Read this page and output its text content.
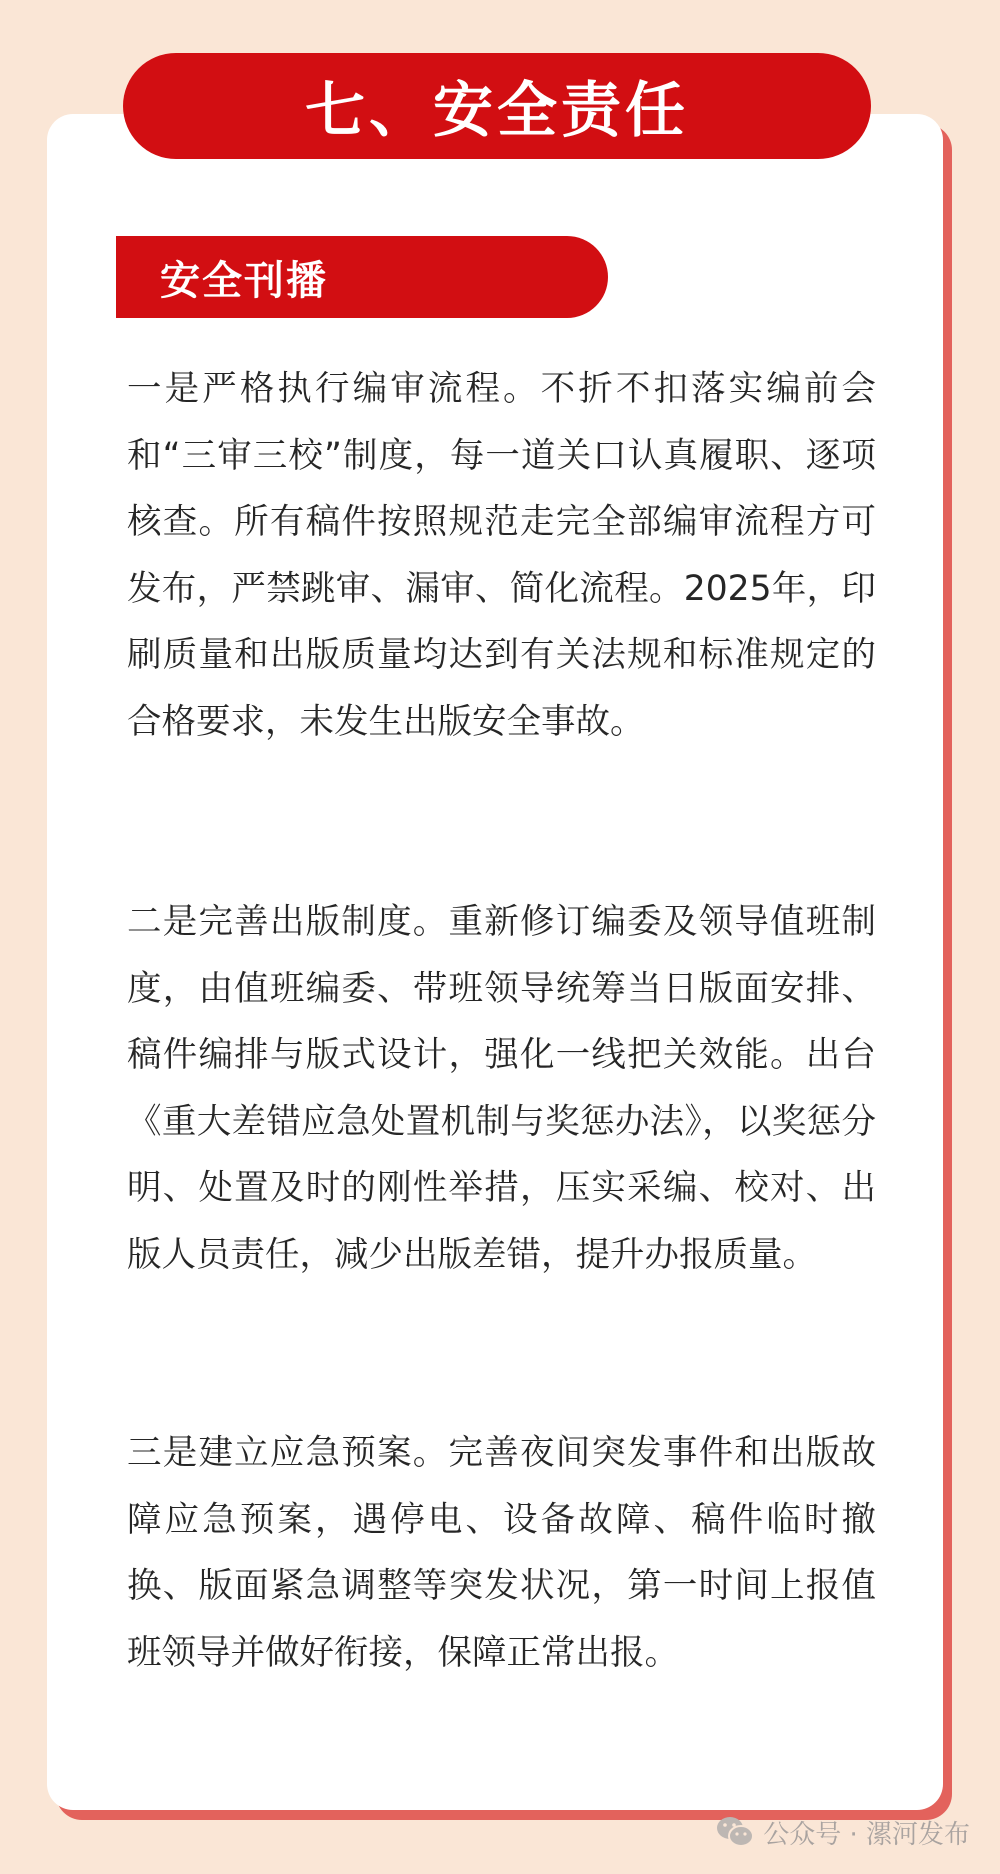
七、安全责任
安全刊播

一是严格执行编审流程。不折不扣落实编前会和“三审三校”制度，每一道关口认真履职、逐项核查。所有稿件按照规范走完全部编审流程方可发布，严禁跳审、漏审、简化流程。2025年，印刷质量和出版质量均达到有关法规和标准规定的合格要求，未发生出版安全事故。

二是完善出版制度。重新修订编委及领导值班制度，由值班编委、带班领导统筹当日版面安排、稿件编排与版式设计，强化一线把关效能。出台《重大差错应急处置机制与奖惩办法》，以奖惩分明、处置及时的刚性举措，压实采编、校对、出版人员责任，减少出版差错，提升办报质量。

三是建立应急预案。完善夜间突发事件和出版故障应急预案，遇停电、设备故障、稿件临时撤换、版面紧急调整等突发状况，第一时间上报值班领导并做好衔接，保障正常出报。

公众号 · 漯河发布
